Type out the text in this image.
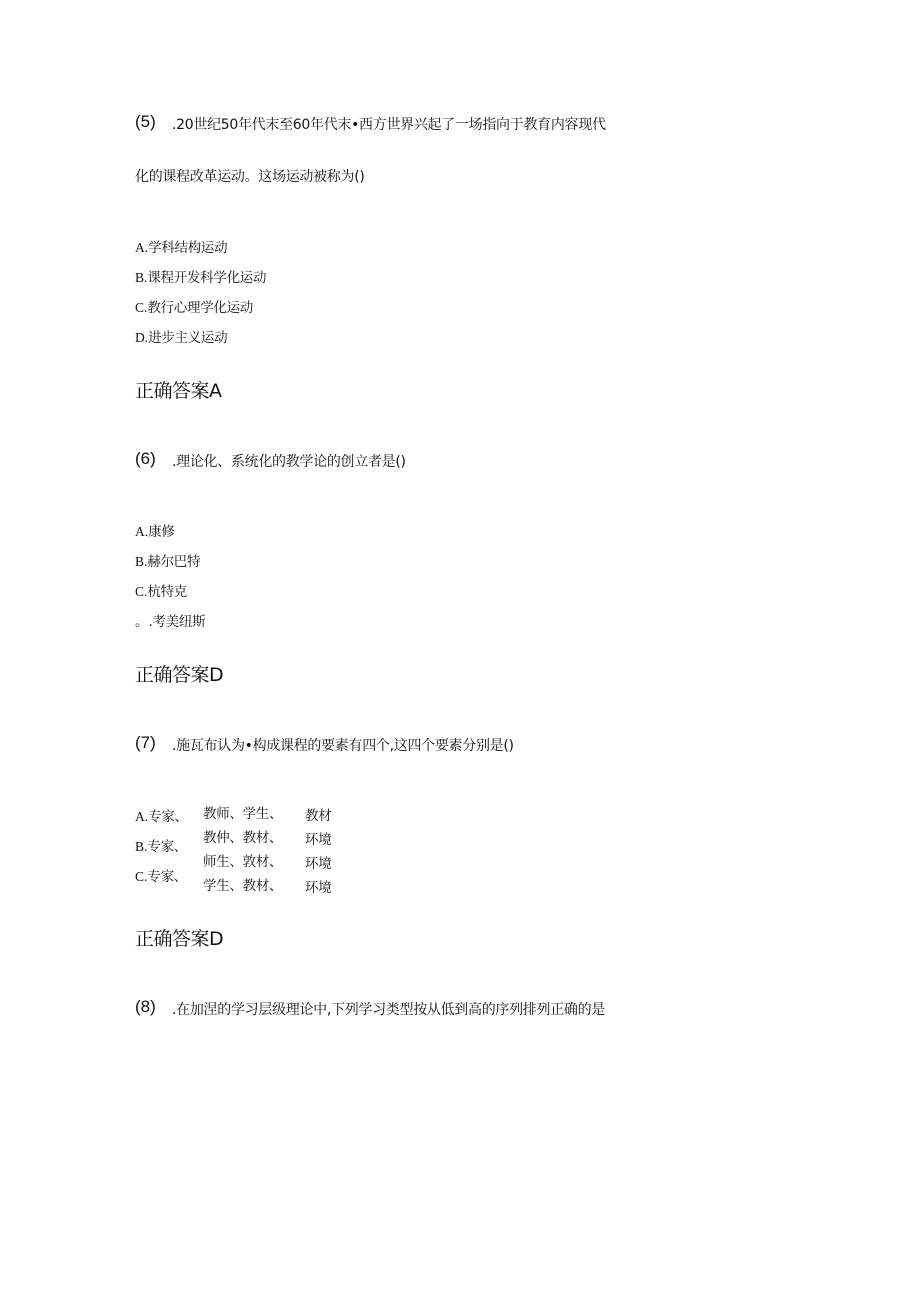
(5) .20世纪50年代末至60年代末•西方世界兴起了一场指向于教育内容现代
化的课程改革运动。这场运动被称为()
A.学科结构运动
B.课程开发科学化运动
C.教行心理学化运动
D.进步主义运动
正确答案A
(6) .理论化、系统化的教学论的创立者是()
A.康修
B.赫尔巴特
C.杭特克
。.考美纽斯
正确答案D
(7) .施瓦布认为•构成课程的要素有四个,这四个要素分别是()
A.专家、
B.专家、
C.专家、
教师、学生、 教材
教仲、教材、 环境
师生、敦材、 环境
学生、教材、 环境
正确答案D
(8) .在加涅的学习层级理论中,下列学习类型按从低到高的序列排列正确的是
